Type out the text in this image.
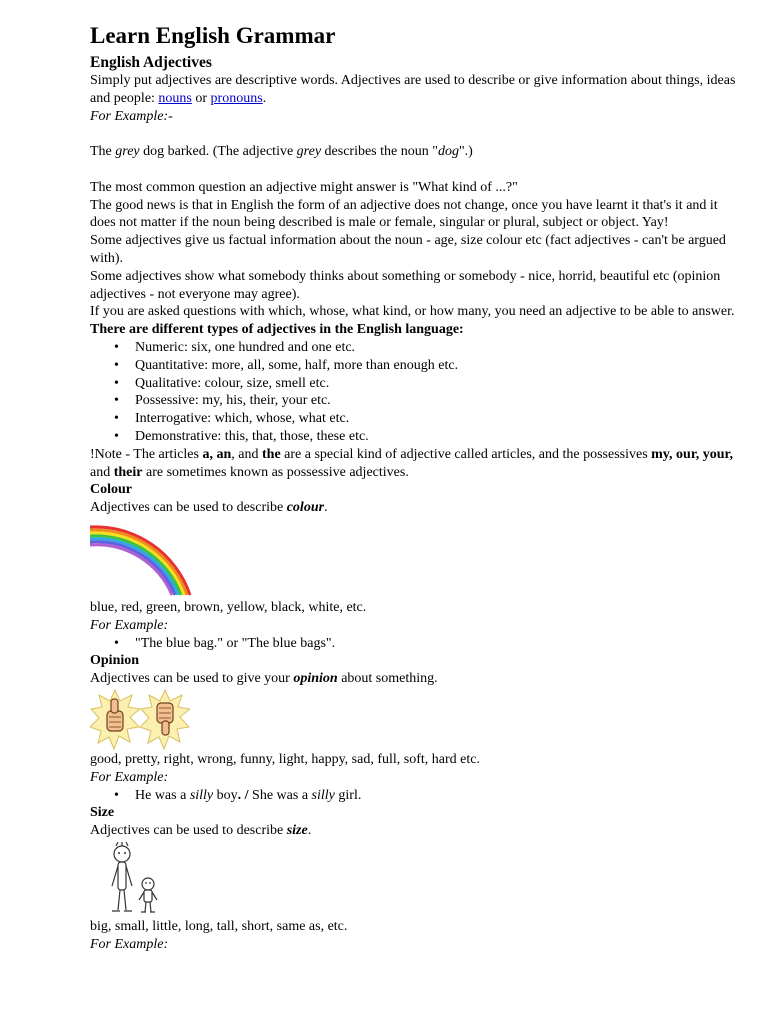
Learn English Grammar
English Adjectives

Simply put adjectives are descriptive words. Adjectives are used to describe or give information about things, ideas and people: nouns or pronouns.

For Example:-

The grey dog barked. (The adjective grey describes the noun "dog".)

The most common question an adjective might answer is "What kind of ...?"

The good news is that in English the form of an adjective does not change, once you have learnt it that's it and it does not matter if the noun being described is male or female, singular or plural, subject or object. Yay!

Some adjectives give us factual information about the noun - age, size colour etc (fact adjectives - can't be argued with).

Some adjectives show what somebody thinks about something or somebody - nice, horrid, beautiful etc (opinion adjectives - not everyone may agree).

If you are asked questions with which, whose, what kind, or how many, you need an adjective to be able to answer.

There are different types of adjectives in the English language:

• Numeric: six, one hundred and one etc.
• Quantitative: more, all, some, half, more than enough etc.
• Qualitative: colour, size, smell etc.
• Possessive: my, his, their, your etc.
• Interrogative: which, whose, what etc.
• Demonstrative: this, that, those, these etc.

!Note - The articles a, an, and the are a special kind of adjective called articles, and the possessives my, our, your, and their are sometimes known as possessive adjectives.

Colour

Adjectives can be used to describe colour.

blue, red, green, brown, yellow, black, white, etc.

For Example:

• "The blue bag." or "The blue bags".

Opinion

Adjectives can be used to give your opinion about something.

good, pretty, right, wrong, funny, light, happy, sad, full, soft, hard etc.

For Example:

• He was a silly boy. / She was a silly girl.

Size

Adjectives can be used to describe size.

big, small, little, long, tall, short, same as, etc.

For Example:
